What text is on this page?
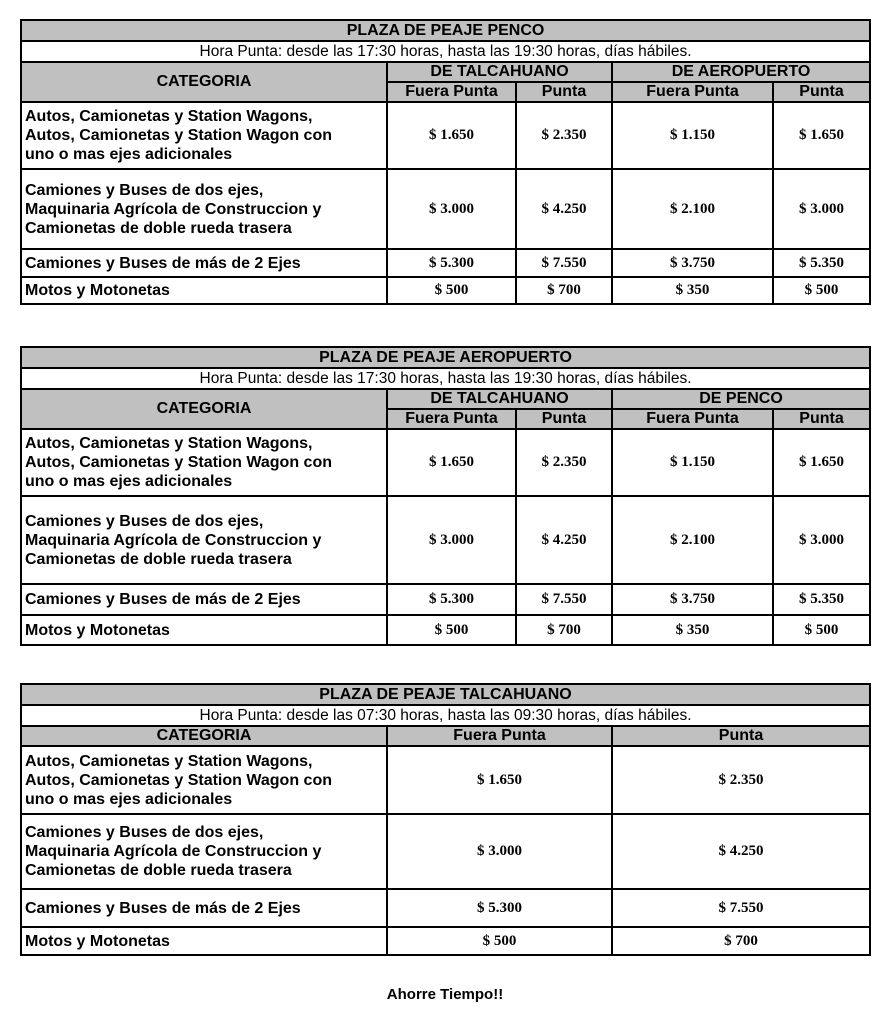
PLAZA DE PEAJE PENCO				
Hora Punta: desde las 17:30 horas, hasta las 19:30 horas, días hábiles.				
CATEGORIA	DE TALCAHUANO		DE AEROPUERTO	
	Fuera Punta	Punta	Fuera Punta	Punta

Autos, Camionetas y Station Wagons,
Autos, Camionetas y Station Wagon con
uno o mas ejes adicionales	$ 1.650	$ 2.350	$ 1.150	$ 1.650

Camiones y Buses de dos ejes,
Maquinaria Agrícola de Construccion y
Camionetas de doble rueda trasera	$ 3.000	$ 4.250	$ 2.100	$ 3.000

Camiones y Buses de más de 2 Ejes	$ 5.300	$ 7.550	$ 3.750	$ 5.350

Motos y Motonetas	$ 500	$ 700	$ 350	$ 500
PLAZA DE PEAJE AEROPUERTO				
Hora Punta: desde las 17:30 horas, hasta las 19:30 horas, días hábiles.				
CATEGORIA	DE TALCAHUANO		DE PENCO	
	Fuera Punta	Punta	Fuera Punta	Punta

Autos, Camionetas y Station Wagons,
Autos, Camionetas y Station Wagon con
uno o mas ejes adicionales	$ 1.650	$ 2.350	$ 1.150	$ 1.650

Camiones y Buses de dos ejes,
Maquinaria Agrícola de Construccion y
Camionetas de doble rueda trasera	$ 3.000	$ 4.250	$ 2.100	$ 3.000

Camiones y Buses de más de 2 Ejes	$ 5.300	$ 7.550	$ 3.750	$ 5.350

Motos y Motonetas	$ 500	$ 700	$ 350	$ 500
PLAZA DE PEAJE TALCAHUANO		
Hora Punta: desde las 07:30 horas, hasta las 09:30 horas, días hábiles.		
CATEGORIA	Fuera Punta	Punta

Autos, Camionetas y Station Wagons,
Autos, Camionetas y Station Wagon con
uno o mas ejes adicionales	$ 1.650	$ 2.350

Camiones y Buses de dos ejes,
Maquinaria Agrícola de Construccion y
Camionetas de doble rueda trasera	$ 3.000	$ 4.250

Camiones y Buses de más de 2 Ejes	$ 5.300	$ 7.550

Motos y Motonetas	$ 500	$ 700
Ahorre Tiempo!!
